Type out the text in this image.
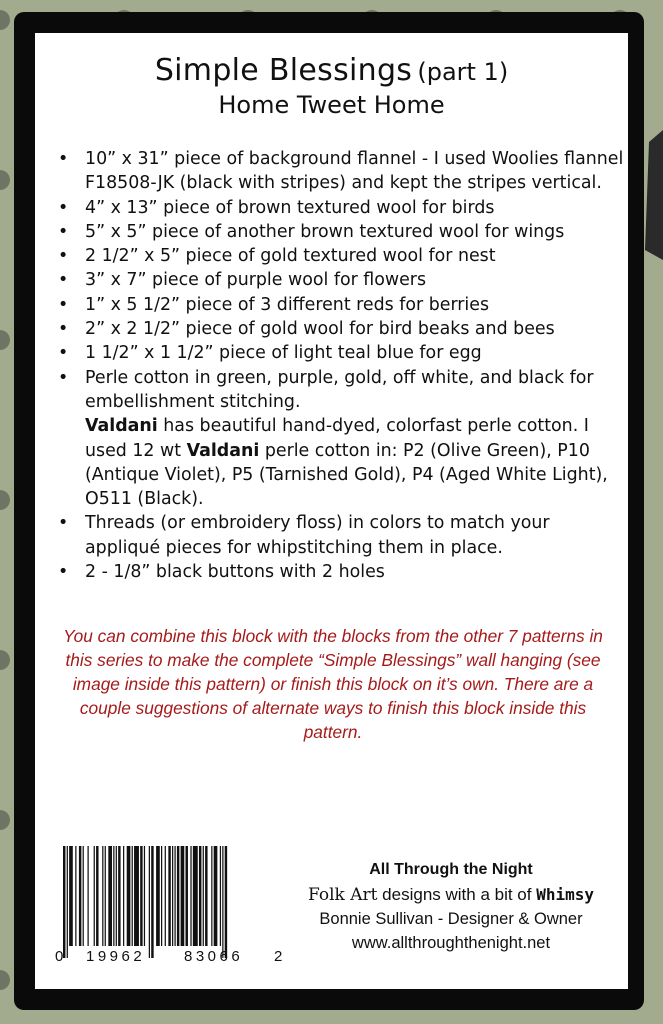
Simple Blessings (part 1)
Home Tweet Home
• 10” x 31” piece of background flannel - I used Woolies flannel F18508-JK (black with stripes) and kept the stripes vertical.
• 4” x 13” piece of brown textured wool for birds
• 5” x 5” piece of another brown textured wool for wings
• 2 1/2” x 5” piece of gold textured wool for nest
• 3” x 7” piece of purple wool for flowers
• 1” x 5 1/2” piece of 3 different reds for berries
• 2” x 2 1/2” piece of gold wool for bird beaks and bees
• 1 1/2” x 1 1/2” piece of light teal blue for egg
• Perle cotton in green, purple, gold, off white, and black for embellishment stitching.
Valdani has beautiful hand-dyed, colorfast perle cotton. I used 12 wt Valdani perle cotton in: P2 (Olive Green), P10 (Antique Violet), P5 (Tarnished Gold), P4 (Aged White Light), O511 (Black).
• Threads (or embroidery floss) in colors to match your appliqué pieces for whipstitching them in place.
• 2 - 1/8” black buttons with 2 holes
You can combine this block with the blocks from the other 7 patterns in this series to make the complete “Simple Blessings” wall hanging (see image inside this pattern) or finish this block on it’s own. There are a couple suggestions of alternate ways to finish this block inside this pattern.
0 19962	83066 2
All Through the Night
Folk Art designs with a bit of Whimsy
Bonnie Sullivan - Designer & Owner
www.allthroughthenight.net
